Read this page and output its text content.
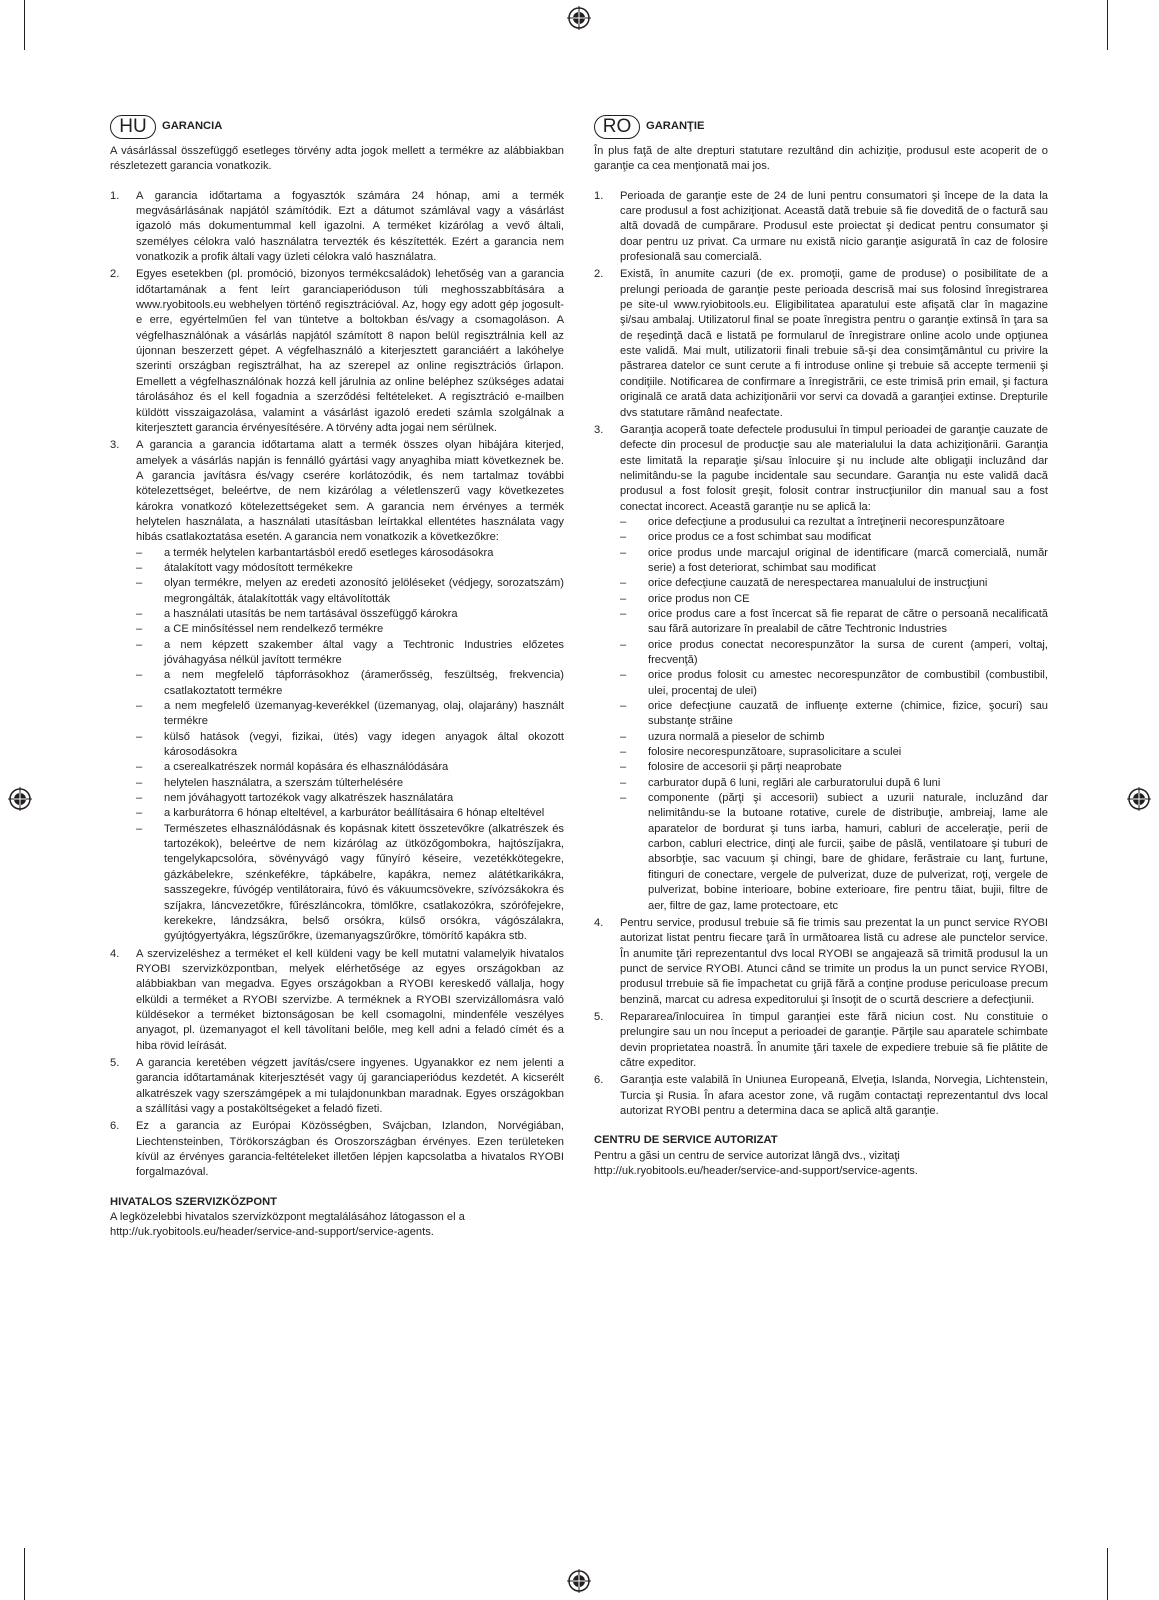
HU	GARANCIA

A vásárlással összefüggő esetleges törvény adta jogok mellett a termékre az alábbiakban részletezett garancia vonatkozik.

1.	A garancia időtartama a fogyasztók számára 24 hónap, ami a termék megvásárlásának napjától számítódik. Ezt a dátumot számlával vagy a vásárlást igazoló más dokumentummal kell igazolni. A terméket kizárólag a vevő általi, személyes célokra való használatra tervezték és készítették. Ezért a garancia nem vonatkozik a profik általi vagy üzleti célokra való használatra.
2.	Egyes esetekben (pl. promóció, bizonyos termékcsaládok) lehetőség van a garancia időtartamának a fent leírt garanciaperióduson túli meghosszabbítására a www.ryobitools.eu webhelyen történő regisztrációval. Az, hogy egy adott gép jogosult-e erre, egyértelműen fel van tüntetve a boltokban és/vagy a csomagoláson. A végfelhasználónak a vásárlás napjától számított 8 napon belül regisztrálnia kell az újonnan beszerzett gépet. A végfelhasználó a kiterjesztett garanciáért a lakóhelye szerinti országban regisztrálhat, ha az szerepel az online regisztrációs űrlapon. Emellett a végfelhasználónak hozzá kell járulnia az online beléphez szükséges adatai tárolásához és el kell fogadnia a szerződési feltételeket. A regisztráció e-mailben küldött visszaigazolása, valamint a vásárlást igazoló eredeti számla szolgálnak a kiterjesztett garancia érvényesítésére. A törvény adta jogai nem sérülnek.
3.	A garancia a garancia időtartama alatt a termék összes olyan hibájára kiterjed, amelyek a vásárlás napján is fennálló gyártási vagy anyaghiba miatt következnek be. A garancia javításra és/vagy cserére korlátozódik, és nem tartalmaz további kötelezettséget, beleértve, de nem kizárólag a véletlenszerű vagy következetes károkra vonatkozó kötelezettségeket sem. A garancia nem érvényes a termék helytelen használata, a használati utasításban leírtakkal ellentétes használata vagy hibás csatlakoztatása esetén. A garancia nem vonatkozik a következőkre:
–	a termék helytelen karbantartásból eredő esetleges károsodásokra
–	átalakított vagy módosított termékekre
–	olyan termékre, melyen az eredeti azonosító jelöléseket (védjegy, sorozatszám) megrongálták, átalakították vagy eltávolították
–	a használati utasítás be nem tartásával összefüggő károkra
–	a CE minősítéssel nem rendelkező termékre
–	a nem képzett szakember által vagy a Techtronic Industries előzetes jóváhagyása nélkül javított termékre
–	a nem megfelelő tápforrásokhoz (áramerősség, feszültség, frekvencia) csatlakoztatott termékre
–	a nem megfelelő üzemanyag-keverékkel (üzemanyag, olaj, olajarány) használt termékre
–	külső hatások (vegyi, fizikai, ütés) vagy idegen anyagok által okozott károsodásokra
–	a cserealkatrészek normál kopására és elhasználódására
–	helytelen használatra, a szerszám túlterhelésére
–	nem jóváhagyott tartozékok vagy alkatrészek használatára
–	a karburátorra 6 hónap elteltével, a karburátor beállításaira 6 hónap elteltével
–	Természetes elhasználódásnak és kopásnak kitett összetevőkre (alkatrészek és tartozékok), beleértve de nem kizárólag az ütközőgombokra, hajtószíjakra, tengelykapcsolóra, sövényvágó vagy fűnyíró késeire, vezetékkötegekre, gázkábelekre, szénkefékre, tápkábelre, kapákra, nemez alátétkarikákra, sasszegekre, fúvógép ventilátoraira, fúvó és vákuumcsövekre, szívózsákokra és szíjakra, láncvezetőkre, fűrészláncokra, tömlőkre, csatlakozókra, szórófejekre, kerekekre, lándzsákra, belső orsókra, külső orsókra, vágószálakra, gyújtógyertyákra, légszűrőkre, üzemanyagszűrőkre, tömörítő kapákra stb.
4.	A szervizeléshez a terméket el kell küldeni vagy be kell mutatni valamelyik hivatalos RYOBI szervizközpontban, melyek elérhetősége az egyes országokban az alábbiakban van megadva. Egyes országokban a RYOBI kereskedő vállalja, hogy elküldi a terméket a RYOBI szervizbe. A terméknek a RYOBI szervizállomásra való küldésekor a terméket biztonságosan be kell csomagolni, mindenféle veszélyes anyagot, pl. üzemanyagot el kell távolítani belőle, meg kell adni a feladó címét és a hiba rövid leírását.
5.	A garancia keretében végzett javítás/csere ingyenes. Ugyanakkor ez nem jelenti a garancia időtartamának kiterjesztését vagy új garanciaperiódus kezdetét. A kicserélt alkatrészek vagy szerszámgépek a mi tulajdonunkban maradnak. Egyes országokban a szállítási vagy a postaköltségeket a feladó fizeti.
6.	Ez a garancia az Európai Közösségben, Svájcban, Izlandon, Norvégiában, Liechtensteinben, Törökországban és Oroszországban érvényes. Ezen területeken kívül az érvényes garancia-feltételeket illetően lépjen kapcsolatba a hivatalos RYOBI forgalmazóval.
HIVATALOS SZERVIZKÖZPONT

A legközelebbi hivatalos szervizközpont megtalálásához látogasson el a http://uk.ryobitools.eu/header/service-and-support/service-agents.

RO	GARANŢIE

În plus faţă de alte drepturi statutare rezultând din achiziţie, produsul este acoperit de o garanţie ca cea menţionată mai jos.

1.	Perioada de garanţie este de 24 de luni pentru consumatori şi începe de la data la care produsul a fost achiziţionat. Această dată trebuie să fie dovedită de o factură sau altă dovadă de cumpărare. Produsul este proiectat şi dedicat pentru consumator şi doar pentru uz privat. Ca urmare nu există nicio garanţie asigurată în caz de folosire profesională sau comercială.
2.	Există, în anumite cazuri (de ex. promoţii, game de produse) o posibilitate de a prelungi perioada de garanţie peste perioada descrisă mai sus folosind înregistrarea pe site-ul www.ryiobitools.eu. Eligibilitatea aparatului este afişată clar în magazine şi/sau ambalaj. Utilizatorul final se poate înregistra pentru o garanţie extinsă în ţara sa de reşedinţă dacă e listată pe formularul de înregistrare online acolo unde opţiunea este validă. Mai mult, utilizatorii finali trebuie să-şi dea consimţământul cu privire la păstrarea datelor ce sunt cerute a fi introduse online şi trebuie să accepte termenii şi condiţiile. Notificarea de confirmare a înregistrării, ce este trimisă prin email, şi factura originală ce arată data achiziţionării vor servi ca dovadă a garanţiei extinse. Drepturile dvs statutare rămând neafectate.
3.	Garanţia acoperă toate defectele produsului în timpul perioadei de garanţie cauzate de defecte din procesul de producţie sau ale materialului la data achiziţionării. Garanţia este limitată la reparaţie şi/sau înlocuire şi nu include alte obligaţii incluzând dar nelimitându-se la pagube incidentale sau secundare. Garanţia nu este validă dacă produsul a fost folosit greşit, folosit contrar instrucţiunilor din manual sau a fost conectat incorect. Această garanţie nu se aplică la:
–	orice defecţiune a produsului ca rezultat a întreţinerii necorespunzătoare
–	orice produs ce a fost schimbat sau modificat
–	orice produs unde marcajul original de identificare (marcă comercială, număr serie) a fost deteriorat, schimbat sau modificat
–	orice defecţiune cauzată de nerespectarea manualului de instrucţiuni
–	orice produs non CE
–	orice produs care a fost încercat să fie reparat de către o persoană necalificată sau fără autorizare în prealabil de către Techtronic Industries
–	orice produs conectat necorespunzător la sursa de curent (amperi, voltaj, frecvenţă)
–	orice produs folosit cu amestec necorespunzător de combustibil (combustibil, ulei, procentaj de ulei)
–	orice defecţiune cauzată de influenţe externe (chimice, fizice, şocuri) sau substanţe străine
–	uzura normală a pieselor de schimb
–	folosire necorespunzătoare, suprasolicitare a sculei
–	folosire de accesorii şi părţi neaprobate
–	carburator după 6 luni, reglări ale carburatorului după 6 luni
–	componente (părţi şi accesorii) subiect a uzurii naturale, incluzând dar nelimitându-se la butoane rotative, curele de distribuţie, ambreiaj, lame ale aparatelor de bordurat şi tuns iarba, hamuri, cabluri de acceleraţie, perii de carbon, cabluri electrice, dinţi ale furcii, şaibe de pâslă, ventilatoare şi tuburi de absorbţie, sac vacuum şi chingi, bare de ghidare, ferăstraie cu lanţ, furtune, fitinguri de conectare, vergele de pulverizat, duze de pulverizat, roţi, vergele de pulverizat, bobine interioare, bobine exterioare, fire pentru tăiat, bujii, filtre de aer, filtre de gaz, lame protectoare, etc
4.	Pentru service, produsul trebuie să fie trimis sau prezentat la un punct service RYOBI autorizat listat pentru fiecare ţară în următoarea listă cu adrese ale punctelor service. În anumite ţări reprezentantul dvs local RYOBI se angajează să trimită produsul la un punct de service RYOBI. Atunci când se trimite un produs la un punct service RYOBI, produsul trrebuie să fie împachetat cu grijă fără a conţine produse periculoase precum benzină, marcat cu adresa expeditorului şi însoţit de o scurtă descriere a defecţiunii.
5.	Repararea/înlocuirea în timpul garanţiei este fără niciun cost. Nu constituie o prelungire sau un nou început a perioadei de garanţie. Părţile sau aparatele schimbate devin proprietatea noastră. În anumite ţări taxele de expediere trebuie să fie plătite de către expeditor.
6.	Garanţia este valabilă în Uniunea Europeană, Elveţia, Islanda, Norvegia, Lichtenstein, Turcia şi Rusia. În afara acestor zone, vă rugăm contactaţi reprezentantul dvs local autorizat RYOBI pentru a determina daca se aplică altă garanţie.
CENTRU DE SERVICE AUTORIZAT

Pentru a găsi un centru de service autorizat lângă dvs., vizitaţi http://uk.ryobitools.eu/header/service-and-support/service-agents.
